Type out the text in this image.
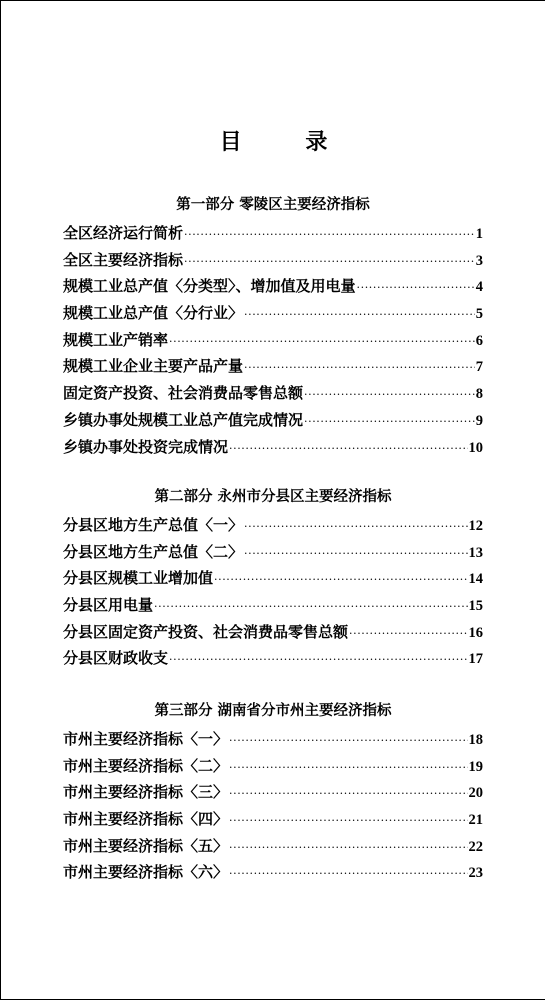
目 录
第一部分 零陵区主要经济指标
全区经济运行简析 ·····	1
全区主要经济指标 ·····	3
规模工业总产值〈分类型〉、增加值及用电量 ·····	4
规模工业总产值〈分行业〉 ·····	5
规模工业产销率 ·····	6
规模工业企业主要产品产量 ·····	7
固定资产投资、社会消费品零售总额 ·····	8
乡镇办事处规模工业总产值完成情况 ·····	9
乡镇办事处投资完成情况 ·····	10
第二部分 永州市分县区主要经济指标
分县区地方生产总值〈一〉 ·····	12
分县区地方生产总值〈二〉 ·····	13
分县区规模工业增加值 ·····	14
分县区用电量 ·····	15
分县区固定资产投资、社会消费品零售总额 ·····	16
分县区财政收支 ·····	17
第三部分 湖南省分市州主要经济指标
市州主要经济指标〈一〉 ·····	18
市州主要经济指标〈二〉 ·····	19
市州主要经济指标〈三〉 ·····	20
市州主要经济指标〈四〉 ·····	21
市州主要经济指标〈五〉 ·····	22
市州主要经济指标〈六〉 ·····	23
